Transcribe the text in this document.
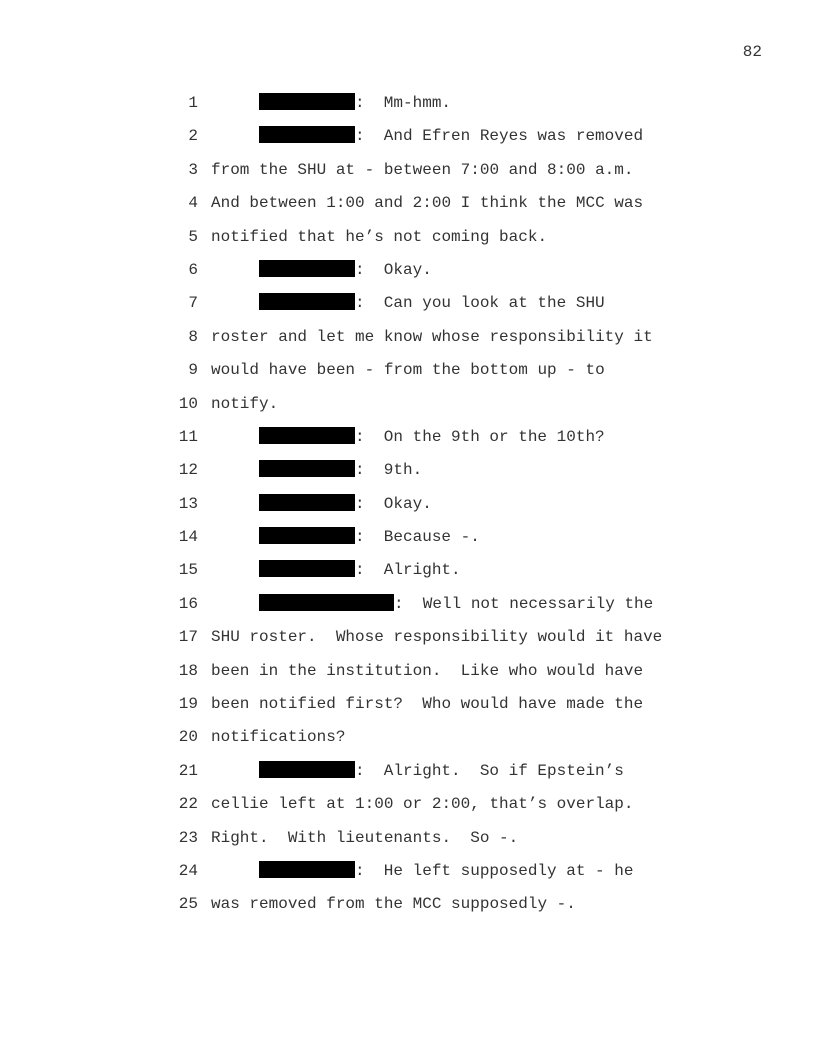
82
1	:  Mm-hmm.
2	:  And Efren Reyes was removed
3 from the SHU at - between 7:00 and 8:00 a.m.
4 And between 1:00 and 2:00 I think the MCC was
5 notified that he’s not coming back.
6	:  Okay.
7	:  Can you look at the SHU
8 roster and let me know whose responsibility it
9 would have been - from the bottom up - to
10 notify.
11	:  On the 9th or the 10th?
12	:  9th.
13	:  Okay.
14	:  Because -.
15	:  Alright.
16	:  Well not necessarily the
17 SHU roster.  Whose responsibility would it have
18 been in the institution.  Like who would have
19 been notified first?  Who would have made the
20 notifications?
21	:  Alright.  So if Epstein’s
22 cellie left at 1:00 or 2:00, that’s overlap.
23 Right.  With lieutenants.  So -.
24	:  He left supposedly at - he
25 was removed from the MCC supposedly -.
